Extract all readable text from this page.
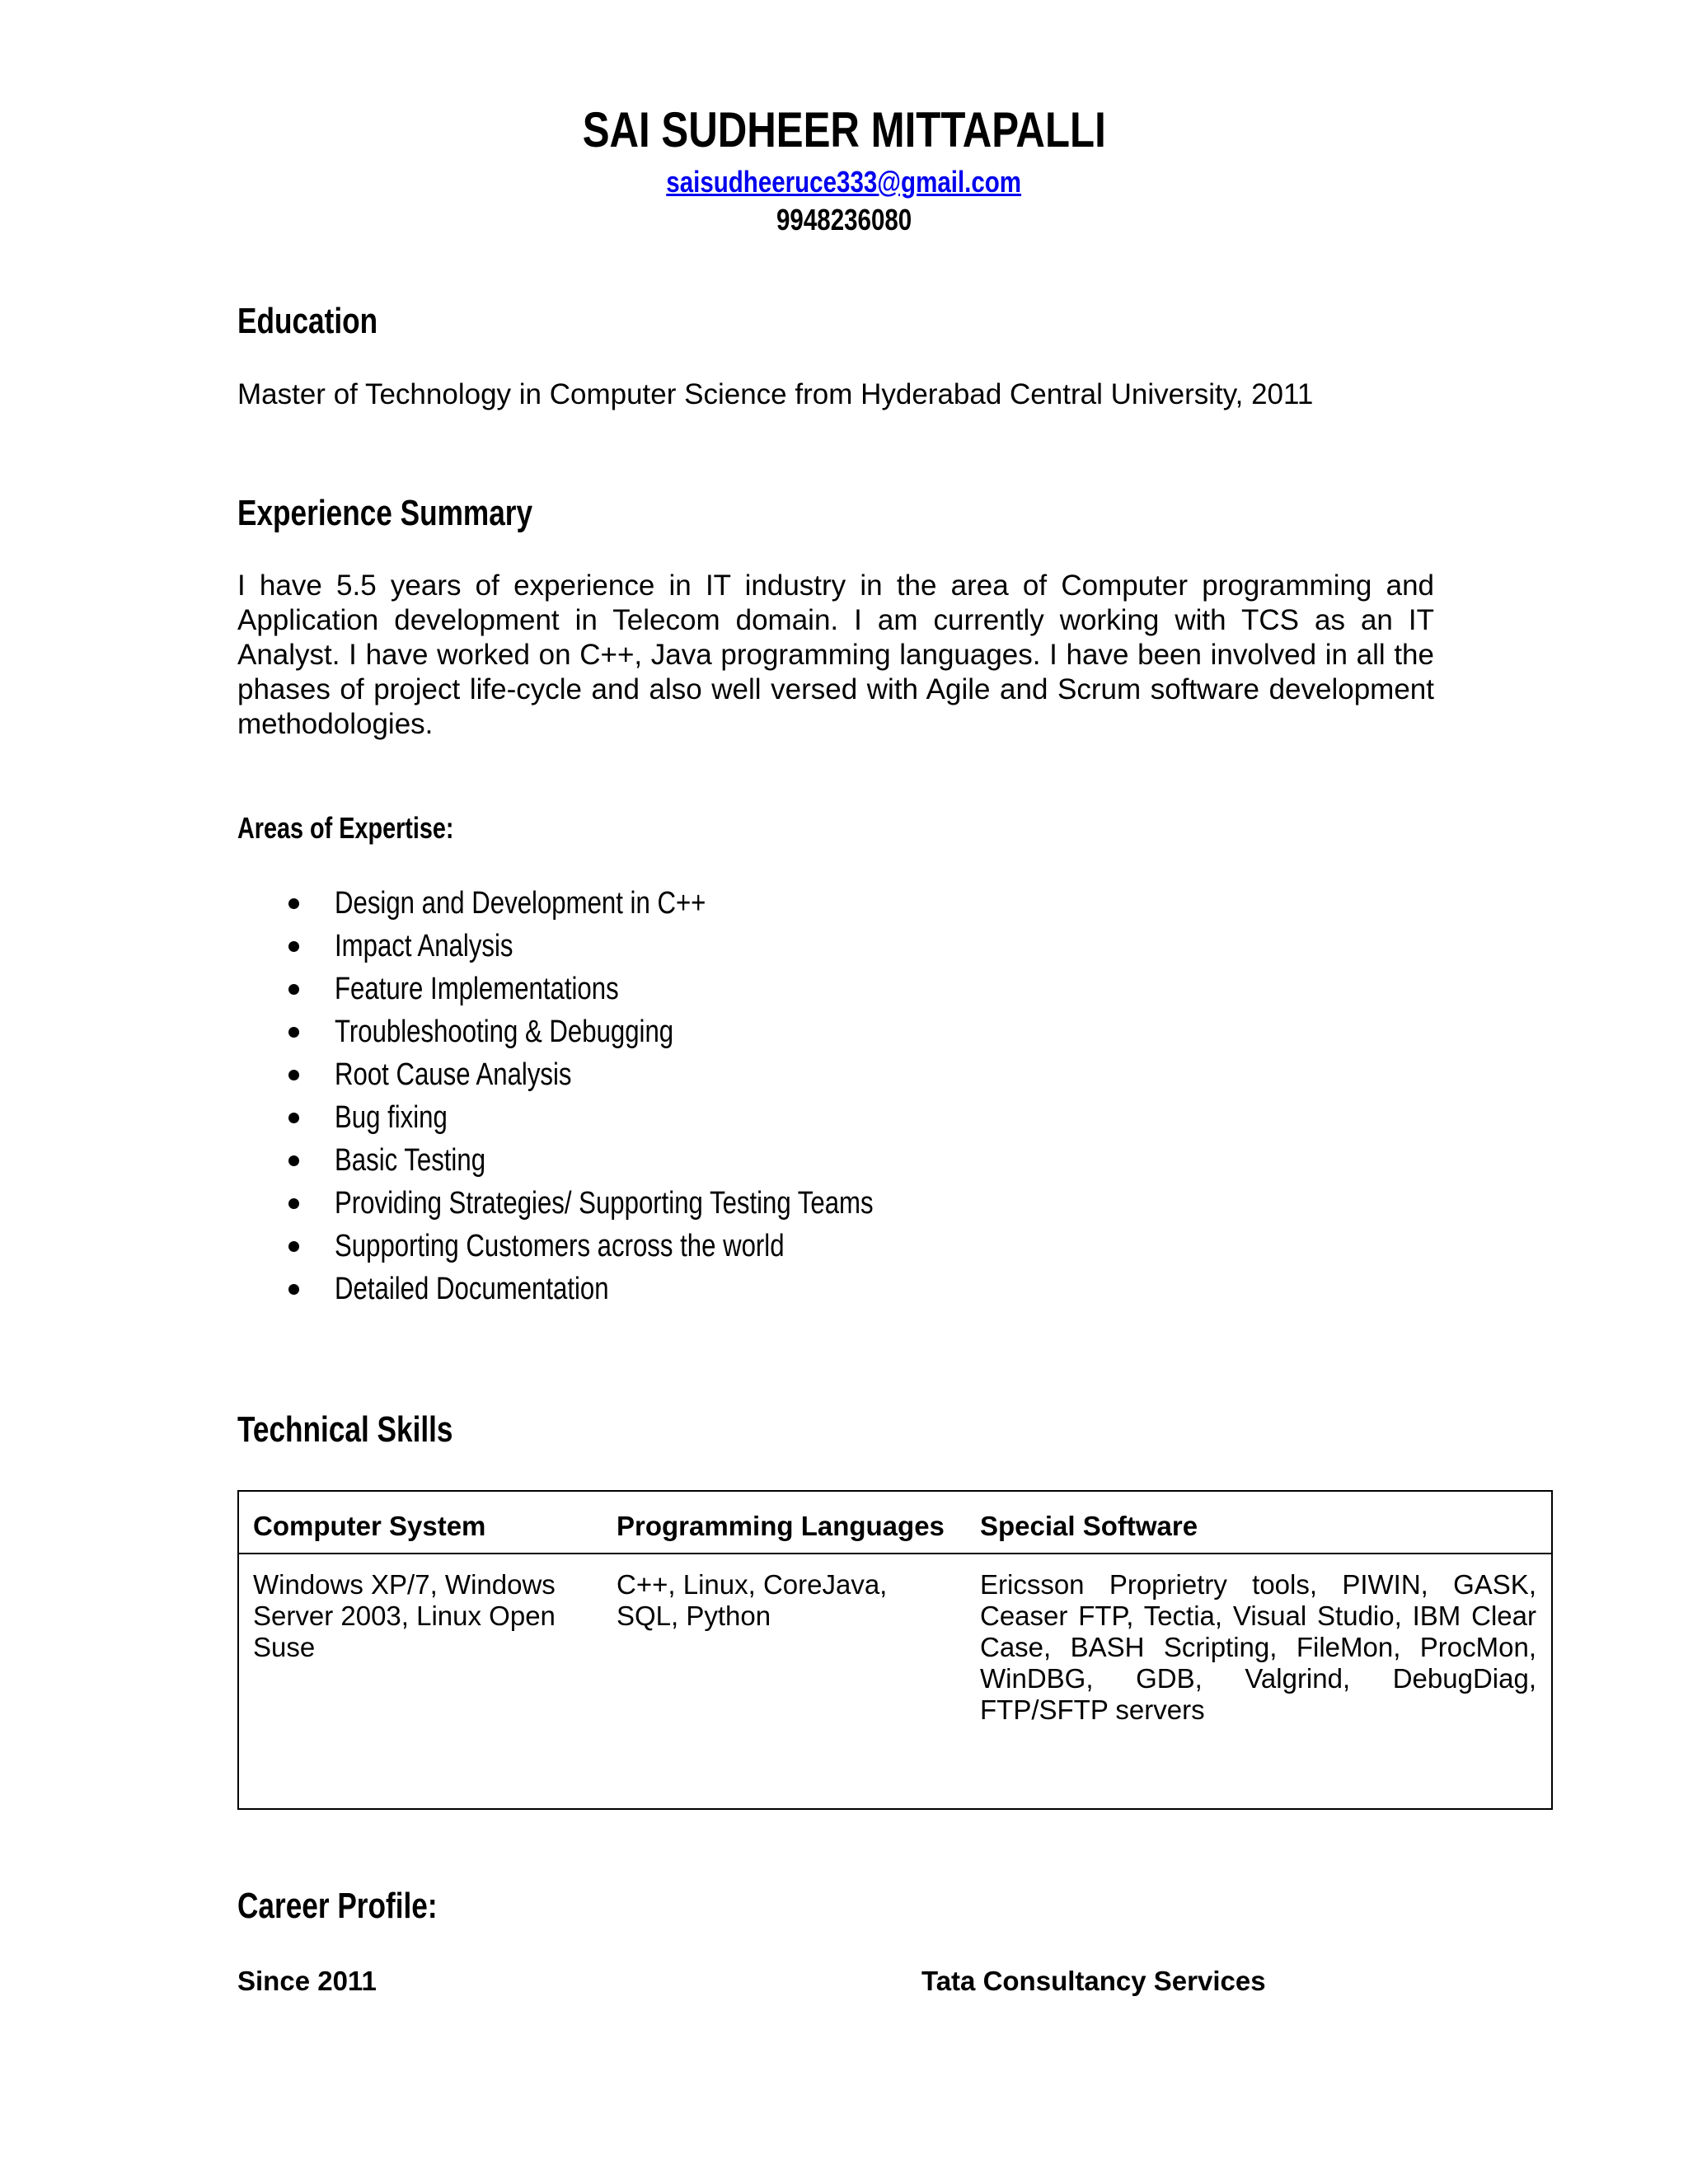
SAI SUDHEER MITTAPALLI
saisudheeruce333@gmail.com
9948236080
Education
Master of Technology in Computer Science from Hyderabad Central University, 2011
Experience Summary
I have 5.5 years of experience in IT industry in the area of Computer programming and Application development in Telecom domain. I am currently working with TCS as an IT Analyst. I have worked on C++, Java programming languages. I have been involved in all the phases of project life-cycle and also well versed with Agile and Scrum software development methodologies.
Areas of Expertise:
Design and Development in C++
Impact Analysis
Feature Implementations
Troubleshooting & Debugging
Root Cause Analysis
Bug fixing
Basic Testing
Providing Strategies/ Supporting Testing Teams
Supporting Customers across the world
Detailed Documentation
Technical Skills
Computer System	Programming Languages Special Software
Windows XP/7, Windows Server 2003, Linux Open Suse
C++, Linux, CoreJava, SQL, Python
Ericsson Proprietry tools, PIWIN, GASK, Ceaser FTP, Tectia, Visual Studio, IBM Clear Case, BASH Scripting, FileMon, ProcMon, WinDBG, GDB, Valgrind, DebugDiag, FTP/SFTP servers
Career Profile:
Since 2011	Tata Consultancy Services
